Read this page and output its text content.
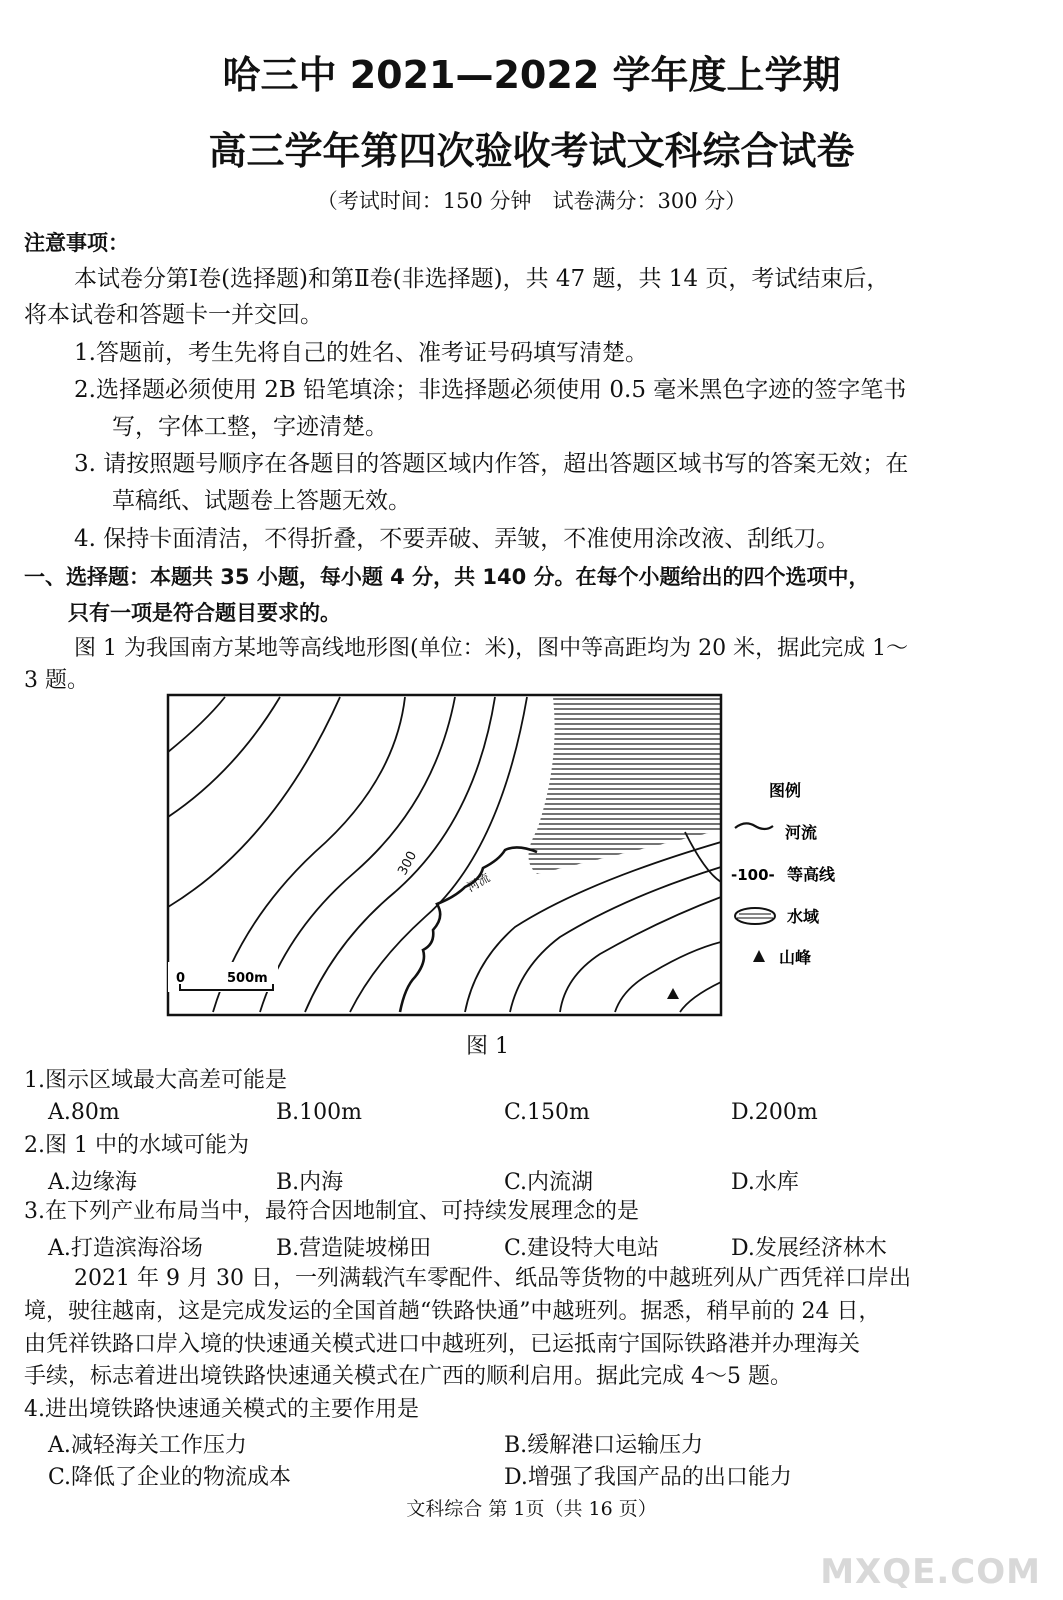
哈三中 2021—2022 学年度上学期
高三学年第四次验收考试文科综合试卷
（考试时间：150 分钟　试卷满分：300 分）
注意事项：
本试卷分第Ⅰ卷(选择题)和第Ⅱ卷(非选择题)，共 47 题，共 14 页，考试结束后，
将本试卷和答题卡一并交回。
1.答题前，考生先将自己的姓名、准考证号码填写清楚。
2.选择题必须使用 2B 铅笔填涂；非选择题必须使用 0.5 毫米黑色字迹的签字笔书
写，字体工整，字迹清楚。
3. 请按照题号顺序在各题目的答题区域内作答，超出答题区域书写的答案无效；在
草稿纸、试题卷上答题无效。
4. 保持卡面清洁，不得折叠，不要弄破、弄皱，不准使用涂改液、刮纸刀。
一、选择题：本题共 35 小题，每小题 4 分，共 140 分。在每个小题给出的四个选项中，
只有一项是符合题目要求的。
图 1 为我国南方某地等高线地形图(单位：米)，图中等高距均为 20 米，据此完成 1～
3 题。
300
河流
0	500m
图例
河流
-100- 等高线
水域
山峰
图 1
1.图示区域最大高差可能是
A.80m	B.100m	C.150m	D.200m
2.图 1 中的水域可能为
A.边缘海	B.内海	C.内流湖	D.水库
3.在下列产业布局当中，最符合因地制宜、可持续发展理念的是
A.打造滨海浴场	B.营造陡坡梯田	C.建设特大电站	D.发展经济林木
2021 年 9 月 30 日，一列满载汽车零配件、纸品等货物的中越班列从广西凭祥口岸出
境，驶往越南，这是完成发运的全国首趟“铁路快通”中越班列。据悉，稍早前的 24 日，
由凭祥铁路口岸入境的快速通关模式进口中越班列，已运抵南宁国际铁路港并办理海关
手续，标志着进出境铁路快速通关模式在广西的顺利启用。据此完成 4～5 题。
4.进出境铁路快速通关模式的主要作用是
A.减轻海关工作压力	B.缓解港口运输压力
C.降低了企业的物流成本	D.增强了我国产品的出口能力
文科综合 第 1页（共 16 页）
MXQE.COM
